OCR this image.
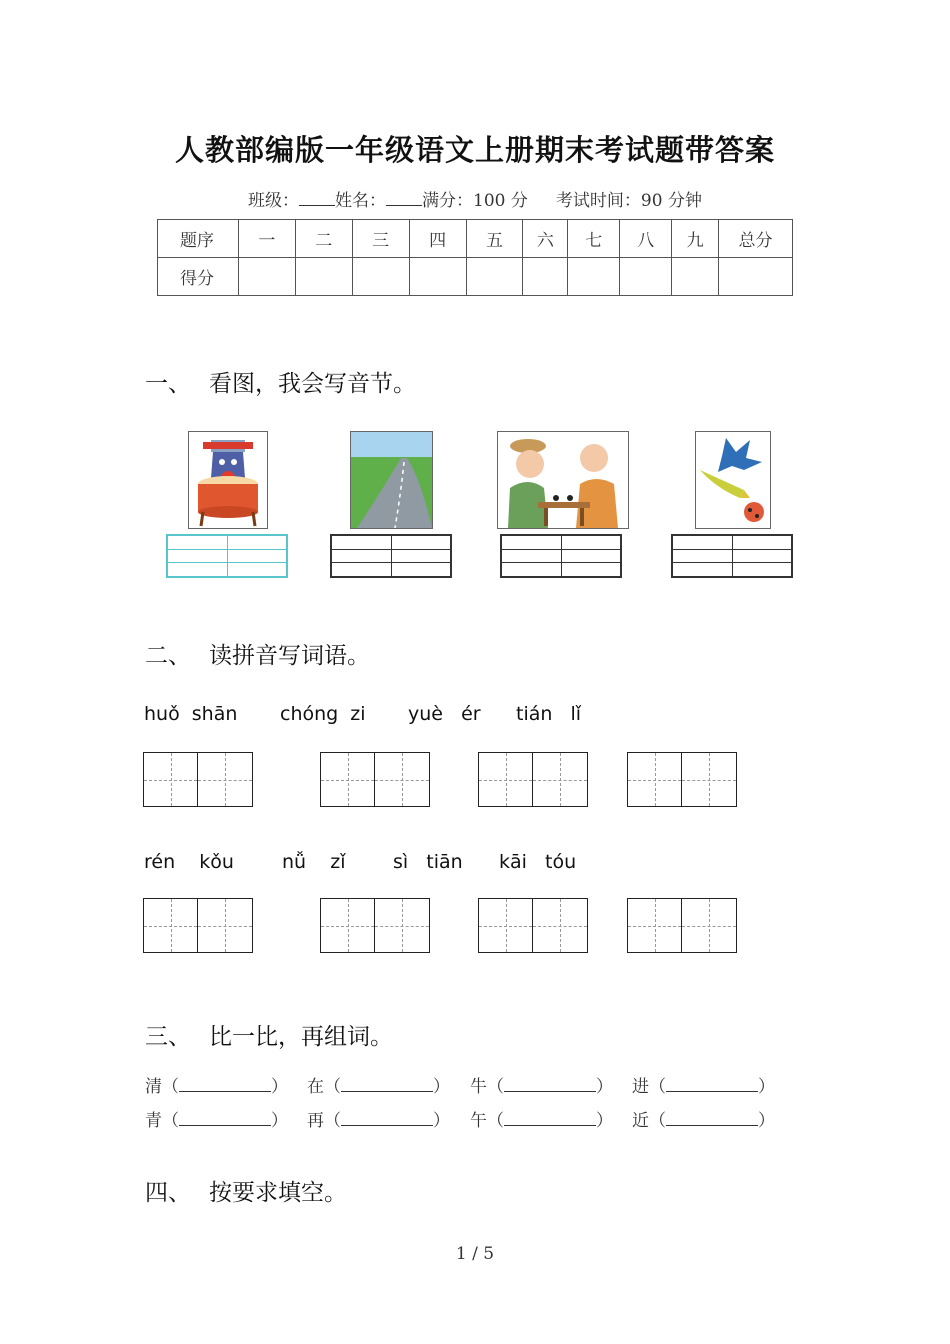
人教部编版一年级语文上册期末考试题带答案
班级： 姓名： 满分：100 分 考试时间：90 分钟
题序	一	二	三	四	五	六	七	八	九	总分
得分										
一、 看图，我会写音节。
二、 读拼音写词语。
huǒ  shān chóng  zi yuè   ér tián   lǐ
rén    kǒu	nǚ    zǐ	sì   tiān kāi   tóu
三、 比一比，再组词。
清（	） 在（	） 牛（	） 进（	）
青（	） 再（	） 午（	） 近（	）
四、 按要求填空。
1 / 5
